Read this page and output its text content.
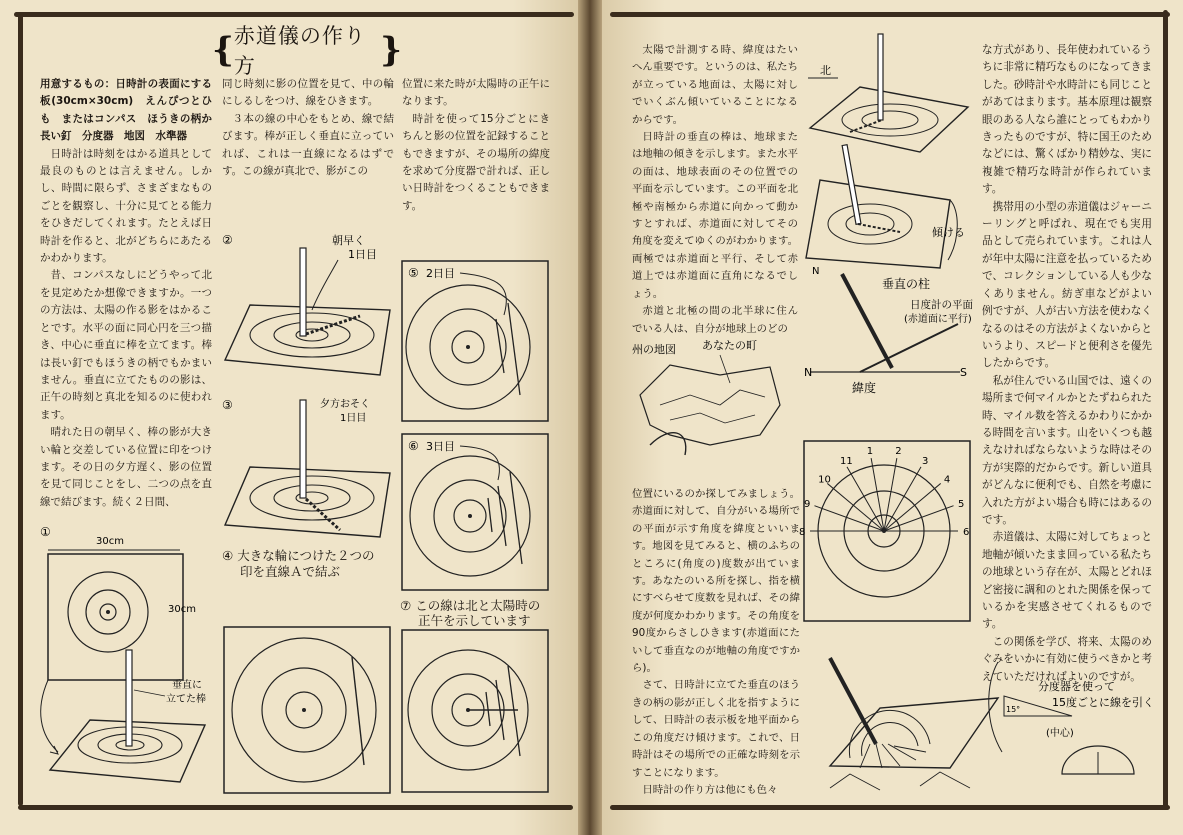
{ 赤道儀の作り方	}

用意するもの：日時計の表面にする板(30cm×30cm)　えんぴつとひも　またはコンパス　ほうきの柄か長い釘　分度器　地図　水準器

日時計は時刻をはかる道具として最良のものとは言えません。しかし、時間に限らず、さまざまなものごとを観察し、十分に見てとる能力をひきだしてくれます。たとえば日時計を作ると、北がどちらにあたるかわかります。

昔、コンパスなしにどうやって北を見定めたか想像できますか。一つの方法は、太陽の作る影をはかることです。水平の面に同心円を三つ描き、中心に垂直に棒を立てます。棒は長い釘でもほうきの柄でもかまいません。垂直に立てたものの影は、正午の時刻と真北を知るのに使われます。

晴れた日の朝早く、棒の影が大きい輪と交差している位置に印をつけます。その日の夕方遅く、影の位置を見て同じことをし、二つの点を直線で結びます。続く２日間、

同じ時刻に影の位置を見て、中の輪にしるしをつけ、線をひきます。

３本の線の中心をもとめ、線で結びます。棒が正しく垂直に立っていれば、これは一直線になるはずです。この線が真北で、影がこの

位置に来た時が太陽時の正午になります。

時計を使って15分ごとにきちんと影の位置を記録することもできますが、その場所の緯度を求めて分度器で計れば、正しい日時計をつくることもできます。

①
30cm
30cm
垂直に
立てた棒
②	朝早く
1日目
③	夕方おそく
1日目
④ 大きな輪につけた２つの
印を直線Ａで結ぶ
⑤ 2日目
⑥ 3日目
⑦ この線は北と太陽時の
正午を示しています

太陽で計測する時、緯度はたいへん重要です。というのは、私たちが立っている地面は、太陽に対しでいくぶん傾いていることになるからです。

日時計の垂直の棒は、地球または地軸の傾きを示します。また水平の面は、地球表面のその位置での平面を示しています。この平面を北極や南極から赤道に向かって動かすとすれば、赤道面に対してその角度を変えてゆくのがわかります。両極では赤道面と平行、そして赤道上では赤道面に直角になるでしょう。

赤道と北極の間の北半球に住んでいる人は、自分が地球上のどの

州の地図 あなたの町

位置にいるのか探してみましょう。赤道面に対して、自分がいる場所での平面が示す角度を緯度といいます。地図を見てみると、横のふちのところに(角度の)度数が出ています。あなたのいる所を探し、指を横にすべらせて度数を見れば、その緯度が何度かわかります。その角度を90度からさしひきます(赤道面にたいして垂直なのが地軸の角度ですから)。

さて、日時計に立てた垂直のほうきの柄の影が正しく北を指すようにして、日時計の表示板を地平面からこの角度だけ傾けます。これで、日時計はその場所での正確な時刻を示すことになります。

日時計の作り方は他にも色々

北
傾ける
N
垂直の柱
日度計の平面
(赤道面に平行)
N	S
緯度
8
9
10
11
1 2
3
4
5
6
15°
分度器を使って
15度ごとに線を引く
(中心)

な方式があり、長年使われているうちに非常に精巧なものになってきました。砂時計や水時計にも同じことがあてはまります。基本原理は観察眼のある人なら誰にとってもわかりきったものですが、特に国王のためなどには、驚くばかり精妙な、実に複雑で精巧な時計が作られています。

携帯用の小型の赤道儀はジャーニーリングと呼ばれ、現在でも実用品として売られています。これは人が年中太陽に注意を払っているためで、コレクションしている人も少なくありません。紡ぎ車などがよい例ですが、人が古い方法を使わなくなるのはその方法がよくないからというより、スピードと便利さを優先したからです。

私が住んでいる山国では、遠くの場所まで何マイルかとたずねられた時、マイル数を答えるかわりにかかる時間を言います。山をいくつも越えなければならないような時はその方が実際的だからです。新しい道具がどんなに便利でも、自然を考慮に入れた方がよい場合も時にはあるのです。

赤道儀は、太陽に対してちょっと地軸が傾いたまま回っている私たちの地球という存在が、太陽とどれほど密接に調和のとれた関係を保っているかを実感させてくれるものです。

この関係を学び、将来、太陽のめぐみをいかに有効に使うべきかと考えていただければよいのですが。
